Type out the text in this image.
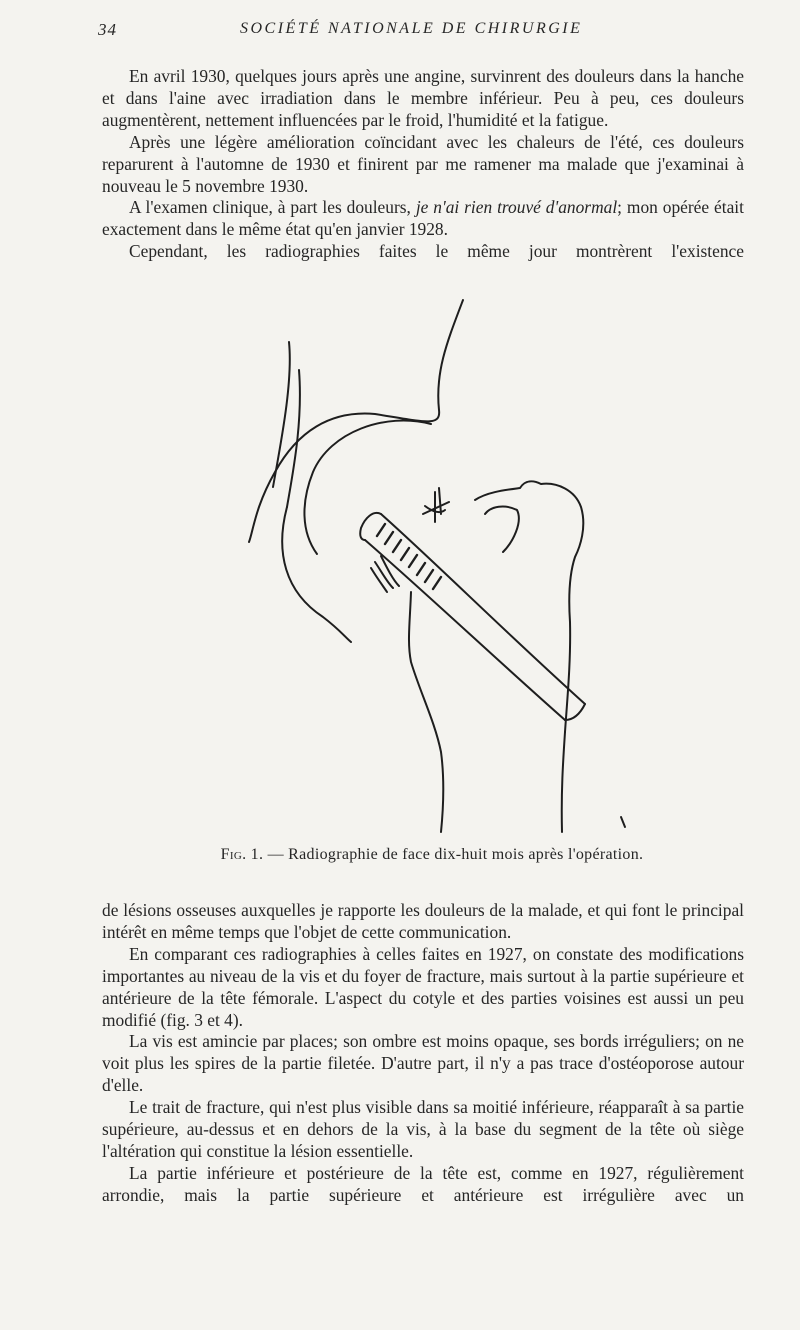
34	SOCIÉTÉ NATIONALE DE CHIRURGIE

En avril 1930, quelques jours après une angine, survinrent des douleurs dans la hanche et dans l'aine avec irradiation dans le membre inférieur. Peu à peu, ces douleurs augmentèrent, nettement influencées par le froid, l'humidité et la fatigue.

Après une légère amélioration coïncidant avec les chaleurs de l'été, ces douleurs reparurent à l'automne de 1930 et finirent par me ramener ma malade que j'examinai à nouveau le 5 novembre 1930.

A l'examen clinique, à part les douleurs, je n'ai rien trouvé d'anormal; mon opérée était exactement dans le même état qu'en janvier 1928.

Cependant, les radiographies faites le même jour montrèrent l'existence

Fig. 1. — Radiographie de face dix-huit mois après l'opération.

de lésions osseuses auxquelles je rapporte les douleurs de la malade, et qui font le principal intérêt en même temps que l'objet de cette communication.

En comparant ces radiographies à celles faites en 1927, on constate des modifications importantes au niveau de la vis et du foyer de fracture, mais surtout à la partie supérieure et antérieure de la tête fémorale. L'aspect du cotyle et des parties voisines est aussi un peu modifié (fig. 3 et 4).

La vis est amincie par places; son ombre est moins opaque, ses bords irréguliers; on ne voit plus les spires de la partie filetée. D'autre part, il n'y a pas trace d'ostéoporose autour d'elle.

Le trait de fracture, qui n'est plus visible dans sa moitié inférieure, réapparaît à sa partie supérieure, au-dessus et en dehors de la vis, à la base du segment de la tête où siège l'altération qui constitue la lésion essentielle.

La partie inférieure et postérieure de la tête est, comme en 1927, régulièrement arrondie, mais la partie supérieure et antérieure est irrégulière avec un
